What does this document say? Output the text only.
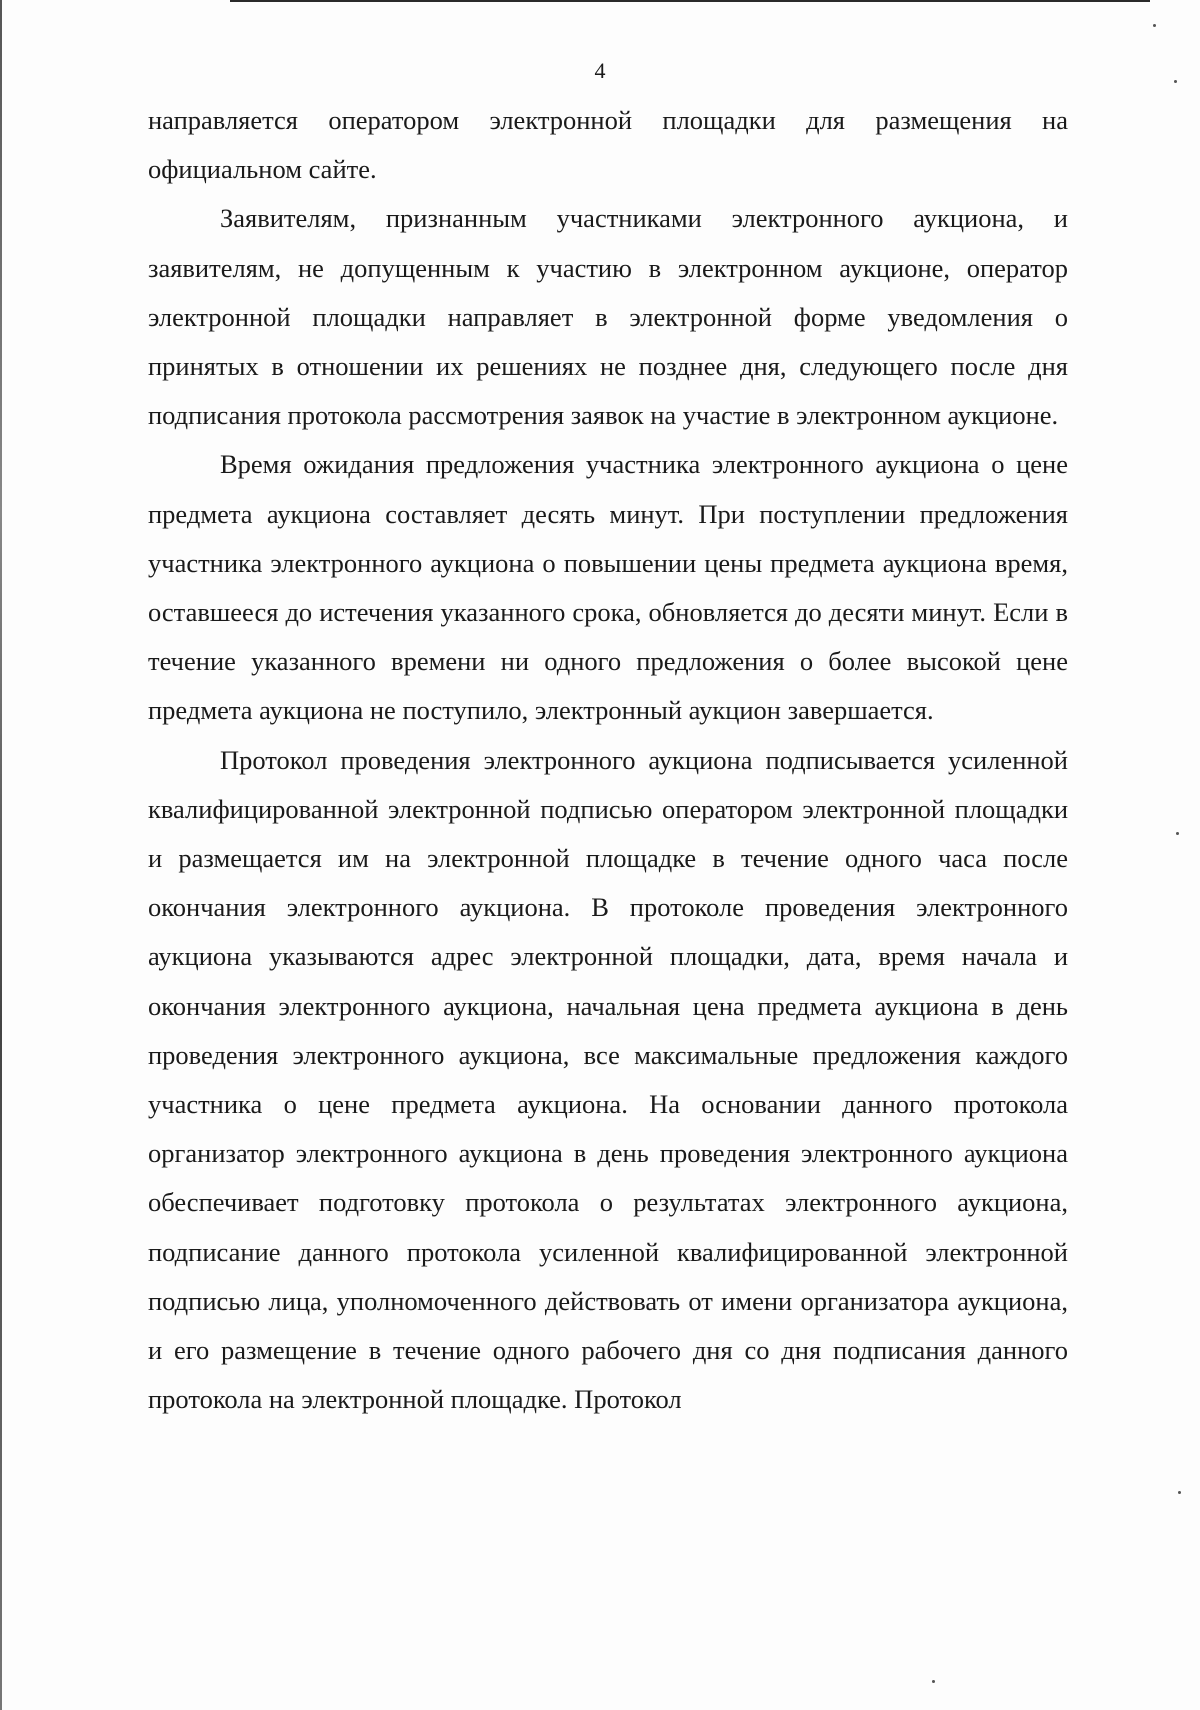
4

направляется оператором электронной площадки для размещения на официальном сайте.

Заявителям, признанным участниками электронного аукциона, и заявителям, не допущенным к участию в электронном аукционе, оператор электронной площадки направляет в электронной форме уведомления о принятых в отношении их решениях не позднее дня, следующего после дня подписания протокола рассмотрения заявок на участие в электронном аукционе.

Время ожидания предложения участника электронного аукциона о цене предмета аукциона составляет десять минут. При поступлении предложения участника электронного аукциона о повышении цены предмета аукциона время, оставшееся до истечения указанного срока, обновляется до десяти минут. Если в течение указанного времени ни одного предложения о более высокой цене предмета аукциона не поступило, электронный аукцион завершается.

Протокол проведения электронного аукциона подписывается усиленной квалифицированной электронной подписью оператором электронной площадки и размещается им на электронной площадке в течение одного часа после окончания электронного аукциона. В протоколе проведения электронного аукциона указываются адрес электронной площадки, дата, время начала и окончания электронного аукциона, начальная цена предмета аукциона в день проведения электронного аукциона, все максимальные предложения каждого участника о цене предмета аукциона. На основании данного протокола организатор электронного аукциона в день проведения электронного аукциона обеспечивает подготовку протокола о результатах электронного аукциона, подписание данного протокола усиленной квалифицированной электронной подписью лица, уполномоченного действовать от имени организатора аукциона, и его размещение в течение одного рабочего дня со дня подписания данного протокола на электронной площадке. Протокол
